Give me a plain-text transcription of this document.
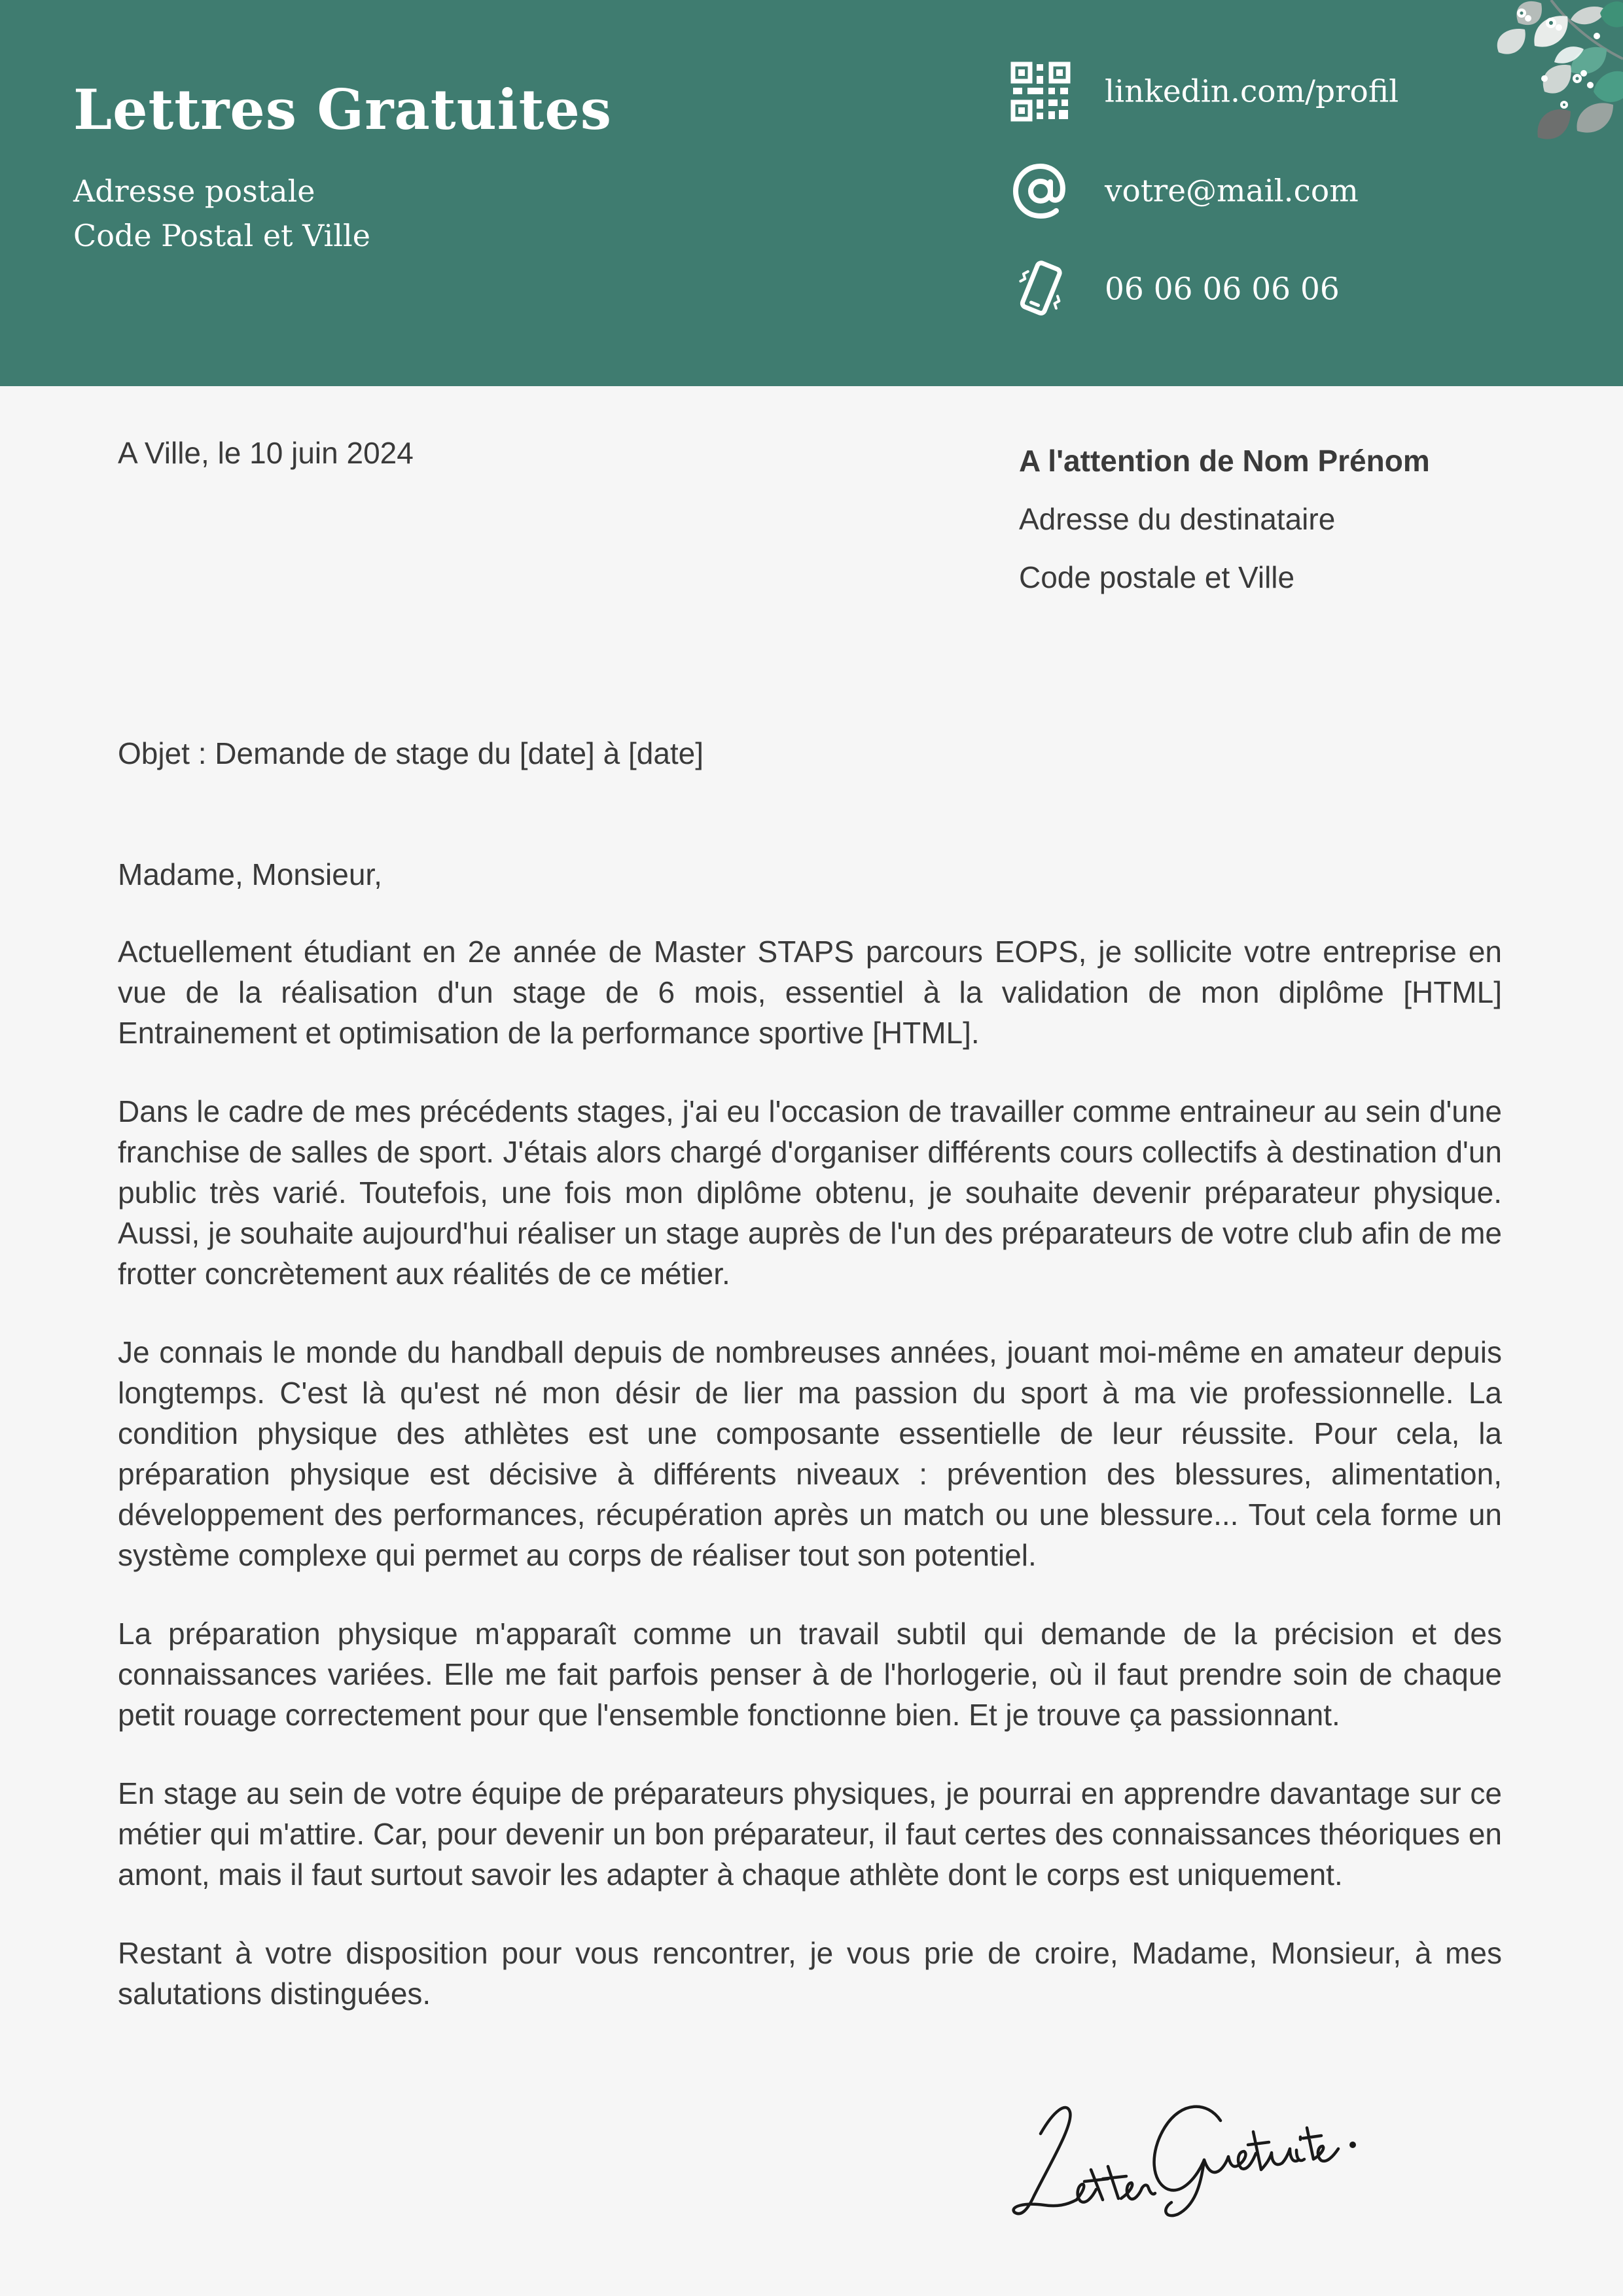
Lettres Gratuites
Adresse postale
Code Postal et Ville
linkedin.com/profil
votre@mail.com
06 06 06 06 06
A Ville, le 10 juin 2024	A l'attention de Nom Prénom
Adresse du destinataire
Code postale et Ville
Objet : Demande de stage du [date] à [date]

Madame, Monsieur,

Actuellement étudiant en 2e année de Master STAPS parcours EOPS, je sollicite votre entreprise en vue de la réalisation d'un stage de 6 mois, essentiel à la validation de mon diplôme [HTML] Entrainement et optimisation de la performance sportive [HTML].

Dans le cadre de mes précédents stages, j'ai eu l'occasion de travailler comme entraineur au sein d'une franchise de salles de sport. J'étais alors chargé d'organiser différents cours collectifs à destination d'un public très varié. Toutefois, une fois mon diplôme obtenu, je souhaite devenir préparateur physique. Aussi, je souhaite aujourd'hui réaliser un stage auprès de l'un des préparateurs de votre club afin de me frotter concrètement aux réalités de ce métier.

Je connais le monde du handball depuis de nombreuses années, jouant moi-même en amateur depuis longtemps. C'est là qu'est né mon désir de lier ma passion du sport à ma vie professionnelle. La condition physique des athlètes est une composante essentielle de leur réussite. Pour cela, la préparation physique est décisive à différents niveaux : prévention des blessures, alimentation, développement des performances, récupération après un match ou une blessure... Tout cela forme un système complexe qui permet au corps de réaliser tout son potentiel.

La préparation physique m'apparaît comme un travail subtil qui demande de la précision et des connaissances variées. Elle me fait parfois penser à de l'horlogerie, où il faut prendre soin de chaque petit rouage correctement pour que l'ensemble fonctionne bien. Et je trouve ça passionnant.

En stage au sein de votre équipe de préparateurs physiques, je pourrai en apprendre davantage sur ce métier qui m'attire. Car, pour devenir un bon préparateur, il faut certes des connaissances théoriques en amont, mais il faut surtout savoir les adapter à chaque athlète dont le corps est uniquement.

Restant à votre disposition pour vous rencontrer, je vous prie de croire, Madame, Monsieur, à mes salutations distinguées.
